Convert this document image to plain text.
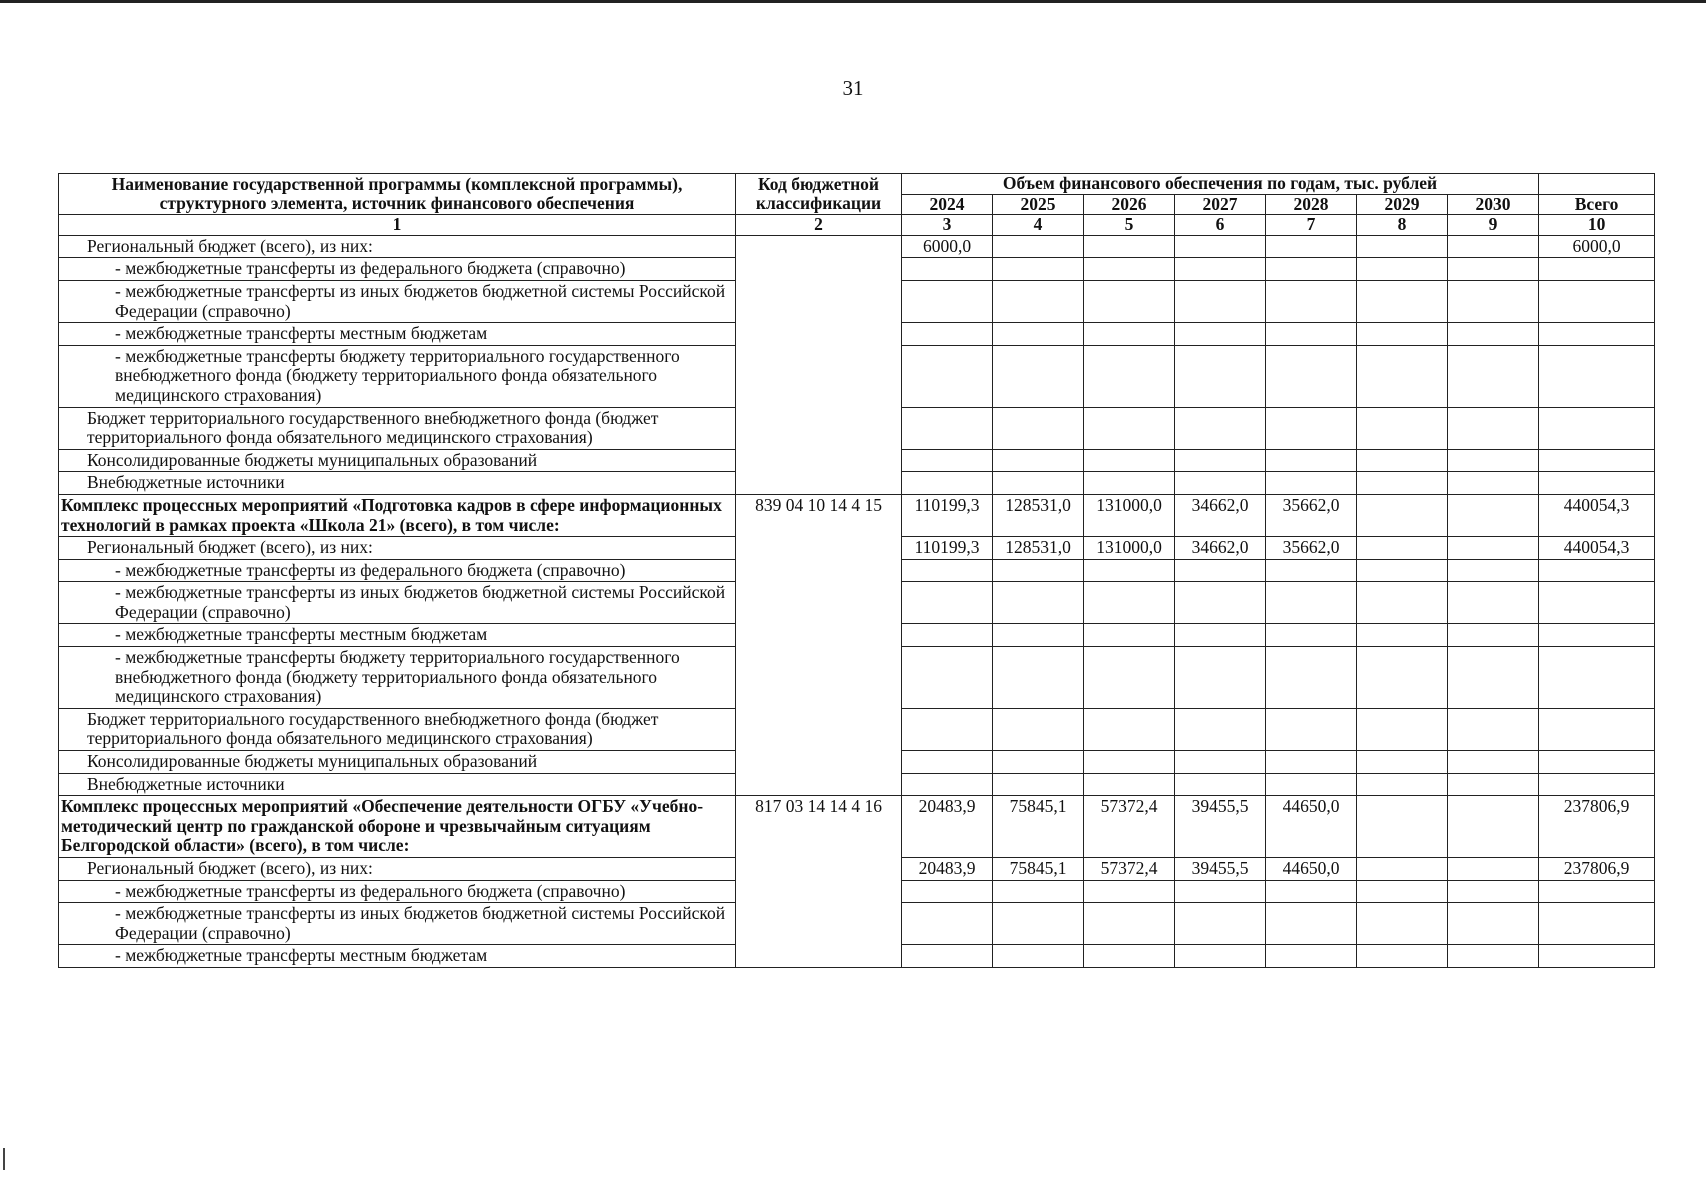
31
Наименование государственной программы (комплексной программы), структурного элемента, источник финансового обеспечения	Код бюджетной классификации	Объем финансового обеспечения по годам, тыс. рублей							
		2024	2025	2026	2027	2028	2029	2030	Всего
1	2	3	4	5	6	7	8	9	10
Региональный бюджет (всего), из них:		6000,0							6000,0
- межбюджетные трансферты из федерального бюджета (справочно)									
- межбюджетные трансферты из иных бюджетов бюджетной системы Российской Федерации (справочно)									
- межбюджетные трансферты местным бюджетам									
- межбюджетные трансферты бюджету территориального государственного внебюджетного фонда (бюджету территориального фонда обязательного медицинского страхования)									
Бюджет территориального государственного внебюджетного фонда (бюджет территориального фонда обязательного медицинского страхования)									
Консолидированные бюджеты муниципальных образований									
Внебюджетные источники									
Комплекс процессных мероприятий «Подготовка кадров в сфере информационных технологий в рамках проекта «Школа 21» (всего), в том числе:	839 04 10 14 4 15	110199,3	128531,0	131000,0	34662,0	35662,0			440054,3
Региональный бюджет (всего), из них:		110199,3	128531,0	131000,0	34662,0	35662,0			440054,3
- межбюджетные трансферты из федерального бюджета (справочно)									
- межбюджетные трансферты из иных бюджетов бюджетной системы Российской Федерации (справочно)									
- межбюджетные трансферты местным бюджетам									
- межбюджетные трансферты бюджету территориального государственного внебюджетного фонда (бюджету территориального фонда обязательного медицинского страхования)									
Бюджет территориального государственного внебюджетного фонда (бюджет территориального фонда обязательного медицинского страхования)									
Консолидированные бюджеты муниципальных образований									
Внебюджетные источники									
Комплекс процессных мероприятий «Обеспечение деятельности ОГБУ «Учебно-методический центр по гражданской обороне и чрезвычайным ситуациям Белгородской области» (всего), в том числе:	817 03 14 14 4 16	20483,9	75845,1	57372,4	39455,5	44650,0			237806,9
Региональный бюджет (всего), из них:		20483,9	75845,1	57372,4	39455,5	44650,0			237806,9
- межбюджетные трансферты из федерального бюджета (справочно)									
- межбюджетные трансферты из иных бюджетов бюджетной системы Российской Федерации (справочно)									
- межбюджетные трансферты местным бюджетам									
